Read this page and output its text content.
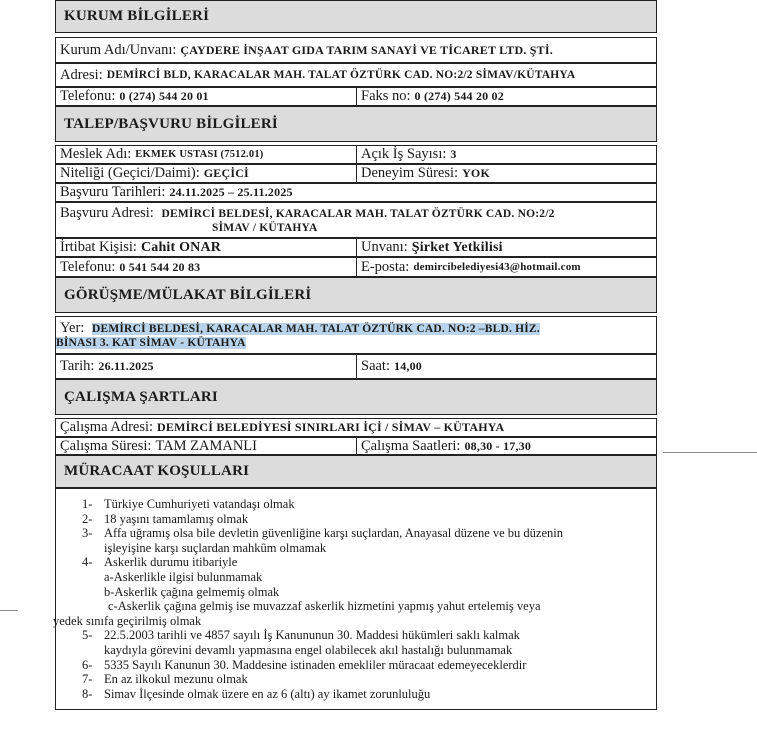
KURUM BİLGİLERİ
Kurum Adı/Unvanı: ÇAYDERE İNŞAAT GIDA TARIM SANAYİ VE TİCARET LTD. ŞTİ.
Adresi: DEMİRCİ BLD, KARACALAR MAH. TALAT ÖZTÜRK CAD. NO:2/2 SİMAV/KÜTAHYA
Telefonu: 0 (274) 544 20 01	Faks no: 0 (274) 544 20 02
TALEP/BAŞVURU BİLGİLERİ
Meslek Adı: EKMEK USTASI (7512.01)	Açık İş Sayısı: 3
Niteliği (Geçici/Daimi): GEÇİCİ	Deneyim Süresi: YOK
Başvuru Tarihleri: 24.11.2025 – 25.11.2025
Başvuru Adresi: DEMİRCİ BELDESİ, KARACALAR MAH. TALAT ÖZTÜRK CAD. NO:2/2
SİMAV / KÜTAHYA
İrtibat Kişisi: Cahit ONAR	Unvanı: Şirket Yetkilisi
Telefonu: 0 541 544 20 83	E-posta: demircibelediyesi43@hotmail.com
GÖRÜŞME/MÜLAKAT BİLGİLERİ
Yer: DEMİRCİ BELDESİ, KARACALAR MAH. TALAT ÖZTÜRK CAD. NO:2 –BLD. HİZ.
BİNASI 3. KAT SİMAV - KÜTAHYA
Tarih: 26.11.2025	Saat: 14,00
ÇALIŞMA ŞARTLARI
Çalışma Adresi: DEMİRCİ BELEDİYESİ SINIRLARI İÇİ / SİMAV – KÜTAHYA
Çalışma Süresi: TAM ZAMANLI	Çalışma Saatleri: 08,30 - 17,30
MÜRACAAT KOŞULLARI
1- Türkiye Cumhuriyeti vatandaşı olmak
2- 18 yaşını tamamlamış olmak
3- Affa uğramış olsa bile devletin güvenliğine karşı suçlardan, Anayasal düzene ve bu düzenin
işleyişine karşı suçlardan mahkûm olmamak
4- Askerlik durumu itibariyle
a-Askerlikle ilgisi bulunmamak
b-Askerlik çağına gelmemiş olmak
c-Askerlik çağına gelmiş ise muvazzaf askerlik hizmetini yapmış yahut ertelemiş veya
yedek sınıfa geçirilmiş olmak
5- 22.5.2003 tarihli ve 4857 sayılı İş Kanununun 30. Maddesi hükümleri saklı kalmak
kaydıyla görevini devamlı yapmasına engel olabilecek akıl hastalığı bulunmamak
6- 5335 Sayılı Kanunun 30. Maddesine istinaden emekliler müracaat edemeyeceklerdir
7- En az ilkokul mezunu olmak
8- Simav İlçesinde olmak üzere en az 6 (altı) ay ikamet zorunluluğu
